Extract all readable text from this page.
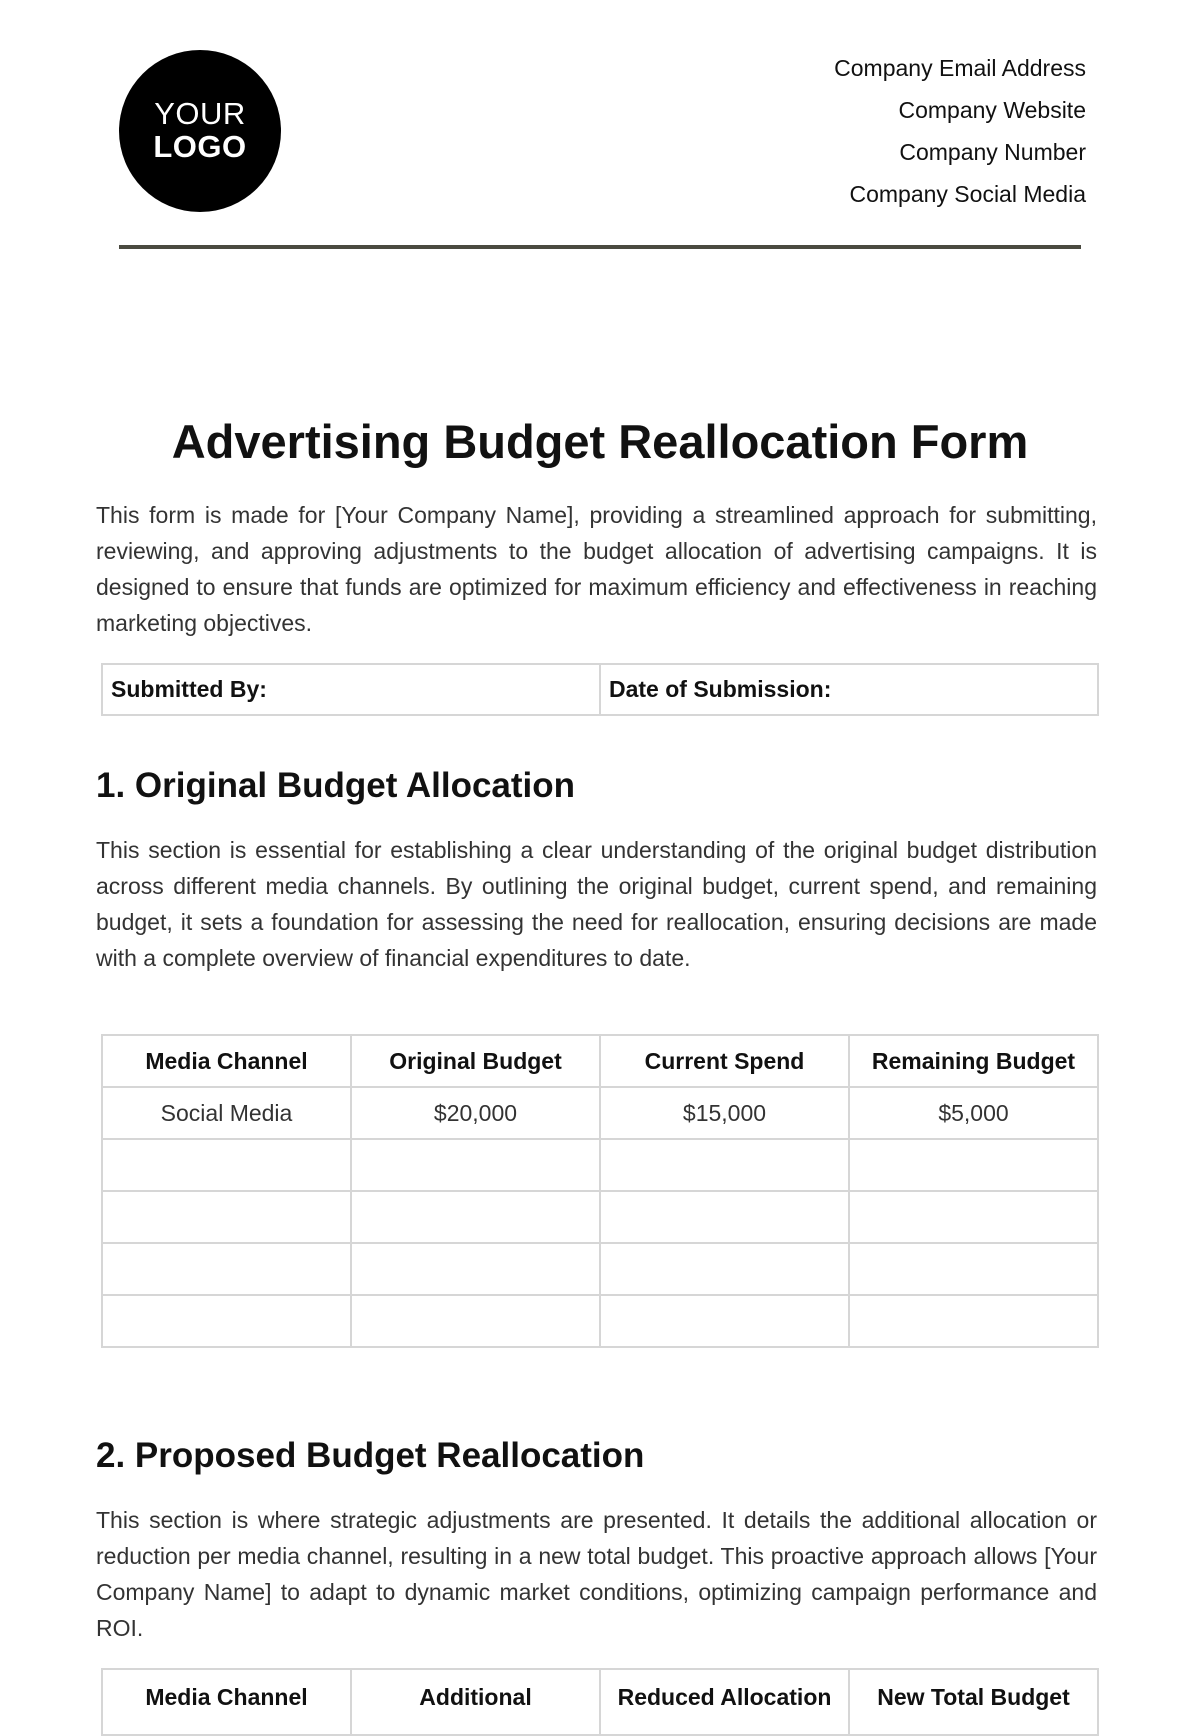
YOUR
LOGO
Company Email Address
Company Website
Company Number
Company Social Media
Advertising Budget Reallocation Form

This form is made for [Your Company Name], providing a streamlined approach for submitting, reviewing, and approving adjustments to the budget allocation of advertising campaigns. It is designed to ensure that funds are optimized for maximum efficiency and effectiveness in reaching marketing objectives.

Submitted By:	Date of Submission:
1. Original Budget Allocation

This section is essential for establishing a clear understanding of the original budget distribution across different media channels. By outlining the original budget, current spend, and remaining budget, it sets a foundation for assessing the need for reallocation, ensuring decisions are made with a complete overview of financial expenditures to date.

Media Channel	Original Budget	Current Spend	Remaining Budget
Social Media	$20,000	$15,000	$5,000

2. Proposed Budget Reallocation

This section is where strategic adjustments are presented. It details the additional allocation or reduction per media channel, resulting in a new total budget. This proactive approach allows [Your Company Name] to adapt to dynamic market conditions, optimizing campaign performance and ROI.

Media Channel	Additional	Reduced Allocation	New Total Budget
